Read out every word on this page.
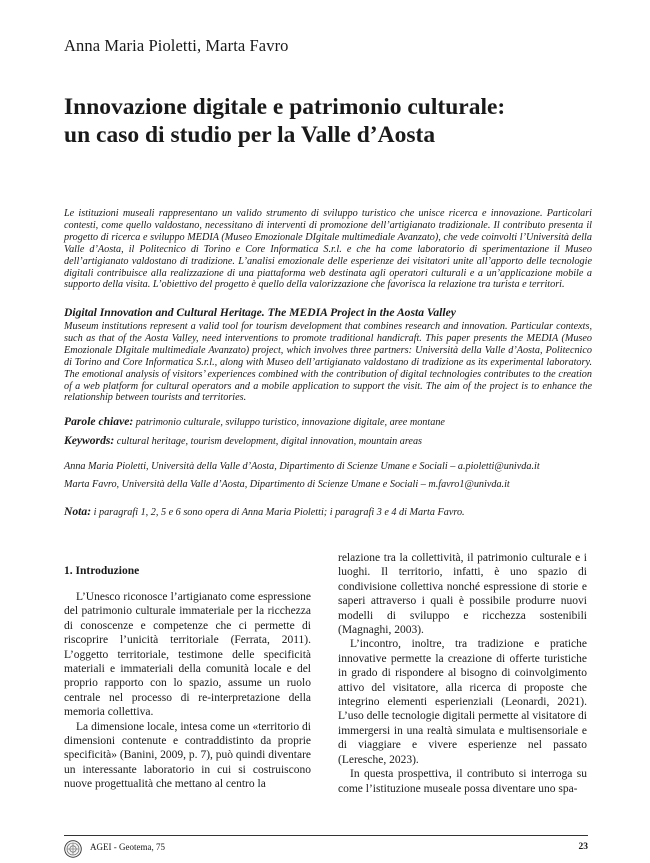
Anna Maria Pioletti, Marta Favro
Innovazione digitale e patrimonio culturale:
un caso di studio per la Valle d’Aosta
Le istituzioni museali rappresentano un valido strumento di sviluppo turistico che unisce ricerca e innovazione. Particolari contesti, come quello valdostano, necessitano di interventi di promozione dell’artigianato tradizionale. Il contributo presenta il progetto di ricerca e sviluppo MEDIA (Museo Emozionale DIgitale multimediale Avanzato), che vede coinvolti l’Università della Valle d’Aosta, il Politecnico di Torino e Core Informatica S.r.l. e che ha come laboratorio di sperimentazione il Museo dell’artigianato valdostano di tradizione. L’analisi emozionale delle esperienze dei visitatori unite all’apporto delle tecnologie digitali contribuisce alla realizzazione di una piattaforma web destinata agli operatori culturali e a un’applicazione mobile a supporto della visita. L’obiettivo del progetto è quello della valorizzazione che favorisca la relazione tra turista e territori.
Digital Innovation and Cultural Heritage. The MEDIA Project in the Aosta Valley
Museum institutions represent a valid tool for tourism development that combines research and innovation. Particular contexts, such as that of the Aosta Valley, need interventions to promote traditional handicraft. This paper presents the MEDIA (Museo Emozionale DIgitale multimediale Avanzato) project, which involves three partners: Università della Valle d’Aosta, Politecnico di Torino and Core Informatica S.r.l., along with Museo dell’artigianato valdostano di tradizione as its experimental laboratory. The emotional analysis of visitors’ experiences combined with the contribution of digital technologies contributes to the creation of a web platform for cultural operators and a mobile application to support the visit. The aim of the project is to enhance the relationship between tourists and territories.
Parole chiave: patrimonio culturale, sviluppo turistico, innovazione digitale, aree montane
Keywords: cultural heritage, tourism development, digital innovation, mountain areas
Anna Maria Pioletti, Università della Valle d’Aosta, Dipartimento di Scienze Umane e Sociali – a.pioletti@univda.it
Marta Favro, Università della Valle d’Aosta, Dipartimento di Scienze Umane e Sociali – m.favro1@univda.it
Nota: i paragrafi 1, 2, 5 e 6 sono opera di Anna Maria Pioletti; i paragrafi 3 e 4 di Marta Favro.
1. Introduzione

L’Unesco riconosce l’artigianato come espressione del patrimonio culturale immateriale per la ricchezza di conoscenze e competenze che ci permette di riscoprire l’unicità territoriale (Ferrata, 2011). L’oggetto territoriale, testimone delle specificità materiali e immateriali della comunità locale e del proprio rapporto con lo spazio, assume un ruolo centrale nel processo di re-interpretazione della memoria collettiva.

La dimensione locale, intesa come un «territorio di dimensioni contenute e contraddistinto da proprie specificità» (Banini, 2009, p. 7), può quindi diventare un interessante laboratorio in cui si costruiscono nuove progettualità che mettano al centro la

relazione tra la collettività, il patrimonio culturale e i luoghi. Il territorio, infatti, è uno spazio di condivisione collettiva nonché espressione di storie e saperi attraverso i quali è possibile produrre nuovi modelli di sviluppo e ricchezza sostenibili (Magnaghi, 2003).

L’incontro, inoltre, tra tradizione e pratiche innovative permette la creazione di offerte turistiche in grado di rispondere al bisogno di coinvolgimento attivo del visitatore, alla ricerca di proposte che integrino elementi esperienziali (Leonardi, 2021). L’uso delle tecnologie digitali permette al visitatore di immergersi in una realtà simulata e multisensoriale e di viaggiare e vivere esperienze nel passato (Leresche, 2023).

In questa prospettiva, il contributo si interroga su come l’istituzione museale possa diventare uno spa-

AGEI - Geotema, 75	23
